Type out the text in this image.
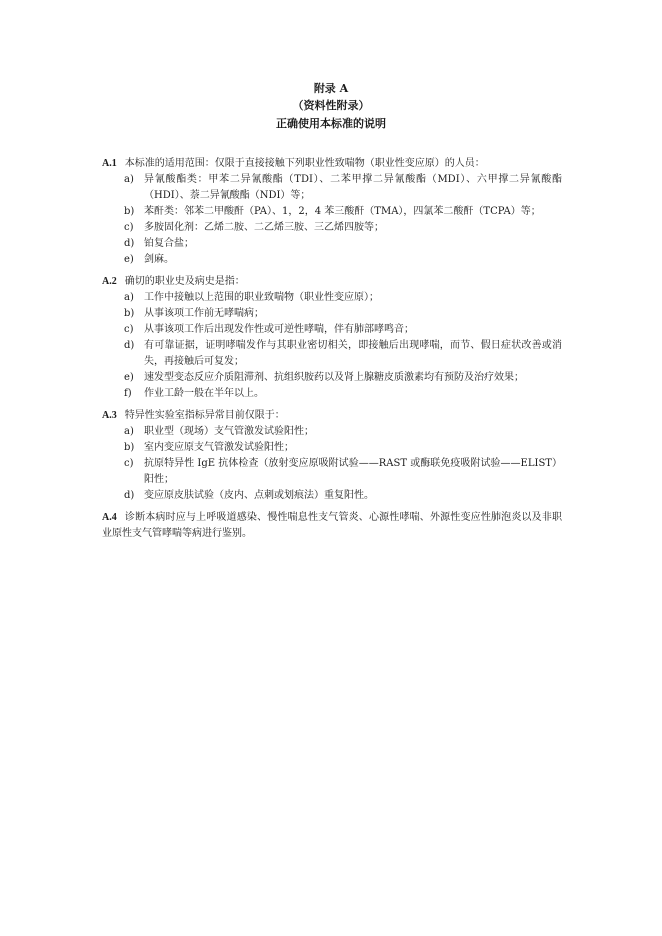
附录 A
（资料性附录）
正确使用本标准的说明
A.1 本标准的适用范围：仅限于直接接触下列职业性致喘物（职业性变应原）的人员：
a)	异氰酸酯类：甲苯二异氰酸酯（TDI）、二苯甲撑二异氰酸酯（MDI）、六甲撑二异氰酸酯（HDI）、萘二异氰酸酯（NDI）等；
b) 苯酐类：邻苯二甲酸酐（PA）、1，2，4 苯三酸酐（TMA），四氯苯二酸酐（TCPA）等；
c)	多胺固化剂：乙烯二胺、二乙烯三胺、三乙烯四胺等；
d) 铂复合盐；
e)	剑麻。
A.2 确切的职业史及病史是指：
a)	工作中接触以上范围的职业致喘物（职业性变应原）；
b) 从事该项工作前无哮喘病；
c)	从事该项工作后出现发作性或可逆性哮喘，伴有肺部哮鸣音；
d) 有可靠证据，证明哮喘发作与其职业密切相关，即接触后出现哮喘，而节、假日症状改善或消失，再接触后可复发；
e)	速发型变态反应介质阻滞剂、抗组织胺药以及肾上腺糖皮质激素均有预防及治疗效果；
f)	作业工龄一般在半年以上。
A.3 特异性实验室指标异常目前仅限于：
a)	职业型（现场）支气管激发试验阳性；
b) 室内变应原支气管激发试验阳性；
c)	抗原特异性 IgE 抗体检查（放射变应原吸附试验——RAST 或酶联免疫吸附试验——ELIST）阳性；
d) 变应原皮肤试验（皮内、点刺或划痕法）重复阳性。
A.4 诊断本病时应与上呼吸道感染、慢性喘息性支气管炎、心源性哮喘、外源性变应性肺泡炎以及非职业原性支气管哮喘等病进行鉴别。
